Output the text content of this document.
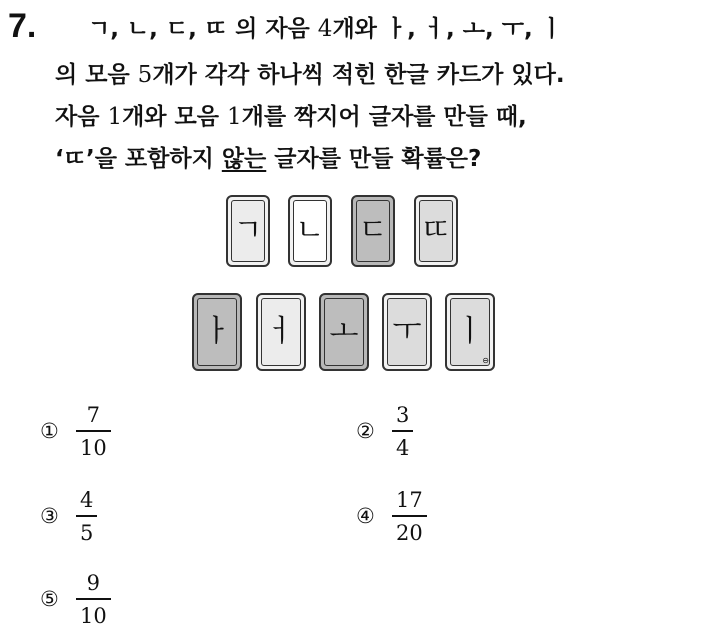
7. ㄱ, ㄴ, ㄷ, ㄸ 의 자음 4개와 ㅏ, ㅓ, ㅗ, ㅜ, ㅣ
의 모음 5개가 각각 하나씩 적힌 한글 카드가 있다.
자음 1개와 모음 1개를 짝지어 글자를 만들 때,
‘ㄸ’을 포함하지 않는 글자를 만들 확률은?
ㄱ ㄴ ㄷ ㄸ
ㅏ ㅓ ㅗ ㅜ ㅣ
⊖
① $\frac{7}{10}$	② $\frac{3}{4}$
③ $\frac{4}{5}$	④ $\frac{17}{20}$
⑤ $\frac{9}{10}$
